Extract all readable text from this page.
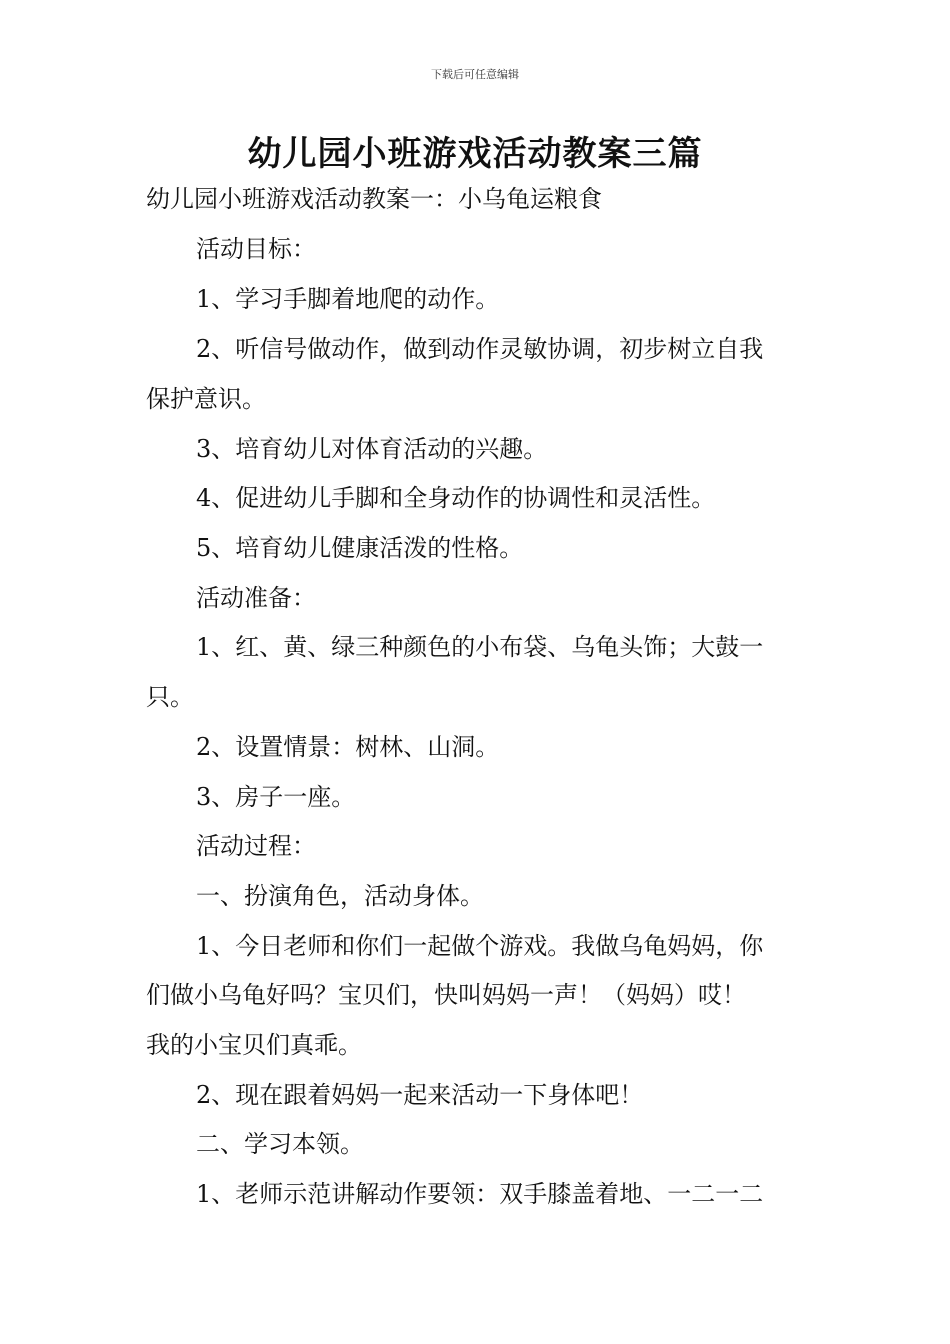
下载后可任意编辑
幼儿园小班游戏活动教案三篇

幼儿园小班游戏活动教案一：小乌龟运粮食

活动目标：

1、学习手脚着地爬的动作。

2、听信号做动作，做到动作灵敏协调，初步树立自我

保护意识。

3、培育幼儿对体育活动的兴趣。

4、促进幼儿手脚和全身动作的协调性和灵活性。

5、培育幼儿健康活泼的性格。

活动准备：

1、红、黄、绿三种颜色的小布袋、乌龟头饰；大鼓一

只。

2、设置情景：树林、山洞。

3、房子一座。

活动过程：

一、扮演角色，活动身体。

1、今日老师和你们一起做个游戏。我做乌龟妈妈，你

们做小乌龟好吗？宝贝们，快叫妈妈一声！（妈妈）哎！

我的小宝贝们真乖。

2、现在跟着妈妈一起来活动一下身体吧！

二、学习本领。

1、老师示范讲解动作要领：双手膝盖着地、一二一二
